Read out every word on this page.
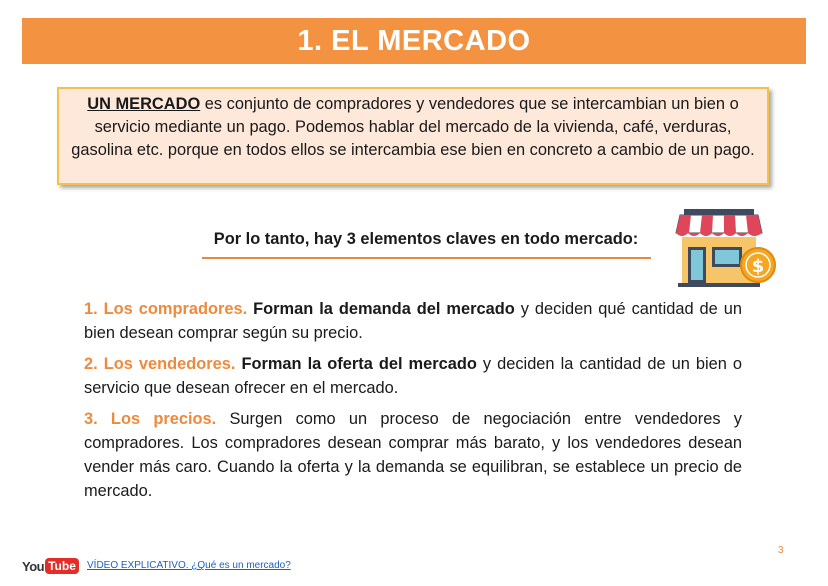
1. EL MERCADO
UN MERCADO es conjunto de compradores y vendedores que se intercambian un bien o servicio mediante un pago. Podemos hablar del mercado de la vivienda, café, verduras, gasolina etc. porque en todos ellos se intercambia ese bien en concreto a cambio de un pago.
Por lo tanto, hay 3 elementos claves en todo mercado:
$

1. Los compradores. Forman la demanda del mercado y deciden qué cantidad de un bien desean comprar según su precio.

2. Los vendedores. Forman la oferta del mercado y deciden la cantidad de un bien o servicio que desean ofrecer en el mercado.

3. Los precios. Surgen como un proceso de negociación entre vendedores y compradores. Los compradores desean comprar más barato, y los vendedores desean vender más caro. Cuando la oferta y la demanda se equilibran, se establece un precio de mercado.

3
You Tube	VÍDEO EXPLICATIVO. ¿Qué es un mercado?
